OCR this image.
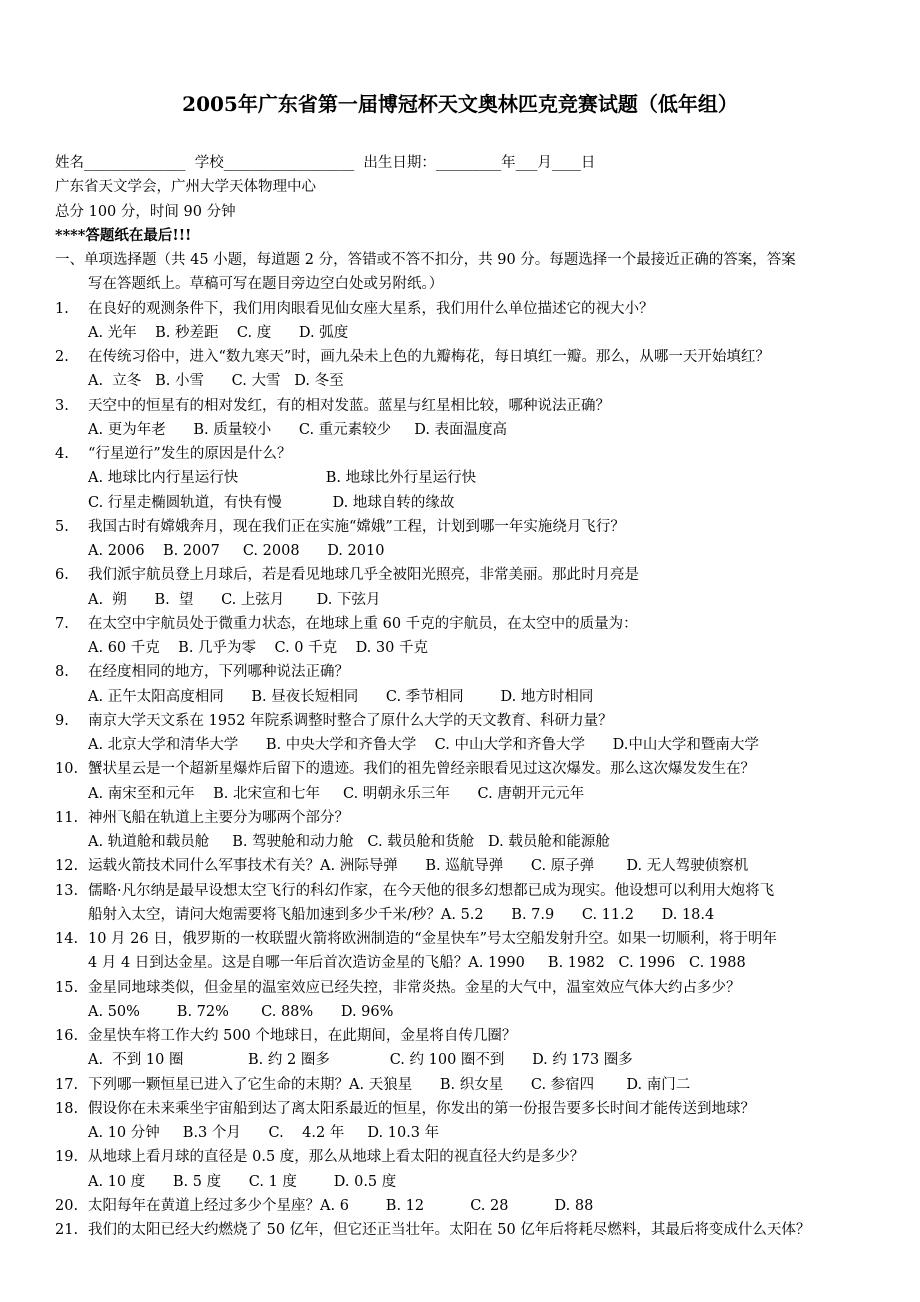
2005年广东省第一届博冠杯天文奥林匹克竞赛试题（低年组）
姓名______________  学校__________________  出生日期：_________年___月____日
广东省天文学会，广州大学天体物理中心
总分 100 分，时间 90 分钟
****答题纸在最后!!!
一、单项选择题（共 45 小题，每道题 2 分，答错或不答不扣分，共 90 分。每题选择一个最接近正确的答案，答案
写在答题纸上。草稿可写在题目旁边空白处或另附纸。）
1. 在良好的观测条件下，我们用肉眼看见仙女座大星系，我们用什么单位描述它的视大小？
A. 光年    B. 秒差距    C. 度      D. 弧度
2. 在传统习俗中，进入“数九寒天”时，画九朵未上色的九瓣梅花，每日填红一瓣。那么，从哪一天开始填红？
A.  立冬   B. 小雪      C. 大雪   D. 冬至
3. 天空中的恒星有的相对发红，有的相对发蓝。蓝星与红星相比较，哪种说法正确？
A. 更为年老      B. 质量较小      C. 重元素较少     D. 表面温度高
4. “行星逆行”发生的原因是什么？
A. 地球比内行星运行快                   B. 地球比外行星运行快
C. 行星走椭圆轨道，有快有慢           D. 地球自转的缘故
5. 我国古时有嫦娥奔月，现在我们正在实施“嫦娥”工程，计划到哪一年实施绕月飞行？
A. 2006    B. 2007     C. 2008      D. 2010
6. 我们派宇航员登上月球后，若是看见地球几乎全被阳光照亮，非常美丽。那此时月亮是
A.  朔      B.  望      C. 上弦月       D. 下弦月
7. 在太空中宇航员处于微重力状态，在地球上重 60 千克的宇航员，在太空中的质量为：
A. 60 千克    B. 几乎为零    C. 0 千克    D. 30 千克
8. 在经度相同的地方，下列哪种说法正确？
A. 正午太阳高度相同      B. 昼夜长短相同      C. 季节相同        D. 地方时相同
9. 南京大学天文系在 1952 年院系调整时整合了原什么大学的天文教育、科研力量？
A. 北京大学和清华大学      B. 中央大学和齐鲁大学    C. 中山大学和齐鲁大学      D.中山大学和暨南大学
10. 蟹状星云是一个超新星爆炸后留下的遗迹。我们的祖先曾经亲眼看见过这次爆发。那么这次爆发发生在？
A. 南宋至和元年    B. 北宋宣和七年     C. 明朝永乐三年      C. 唐朝开元元年
11. 神州飞船在轨道上主要分为哪两个部分？
A. 轨道舱和载员舱     B. 驾驶舱和动力舱   C. 载员舱和货舱   D. 载员舱和能源舱
12. 运载火箭技术同什么军事技术有关？A. 洲际导弹      B. 巡航导弹      C. 原子弹       D. 无人驾驶侦察机
13. 儒略·凡尔纳是最早设想太空飞行的科幻作家，在今天他的很多幻想都已成为现实。他设想可以利用大炮将飞
船射入太空，请问大炮需要将飞船加速到多少千米/秒？A. 5.2      B. 7.9      C. 11.2      D. 18.4
14. 10 月 26 日，俄罗斯的一枚联盟火箭将欧洲制造的“金星快车”号太空船发射升空。如果一切顺利，将于明年
4 月 4 日到达金星。这是自哪一年后首次造访金星的飞船？A. 1990     B. 1982   C. 1996   C. 1988
15. 金星同地球类似，但金星的温室效应已经失控，非常炎热。金星的大气中，温室效应气体大约占多少？
A. 50%        B. 72%       C. 88%      D. 96%
16. 金星快车将工作大约 500 个地球日，在此期间，金星将自传几圈？
A.  不到 10 圈              B. 约 2 圈多             C. 约 100 圈不到      D. 约 173 圈多
17. 下列哪一颗恒星已进入了它生命的末期？A. 天狼星      B. 织女星      C. 参宿四       D. 南门二
18. 假设你在未来乘坐宇宙船到达了离太阳系最近的恒星，你发出的第一份报告要多长时间才能传送到地球？
A. 10 分钟     B.3 个月      C.    4.2 年     D. 10.3 年
19. 从地球上看月球的直径是 0.5 度，那么从地球上看太阳的视直径大约是多少？
A. 10 度      B. 5 度      C. 1 度        D. 0.5 度
20. 太阳每年在黄道上经过多少个星座？A. 6        B. 12          C. 28          D. 88
21. 我们的太阳已经大约燃烧了 50 亿年，但它还正当壮年。太阳在 50 亿年后将耗尽燃料，其最后将变成什么天体？
